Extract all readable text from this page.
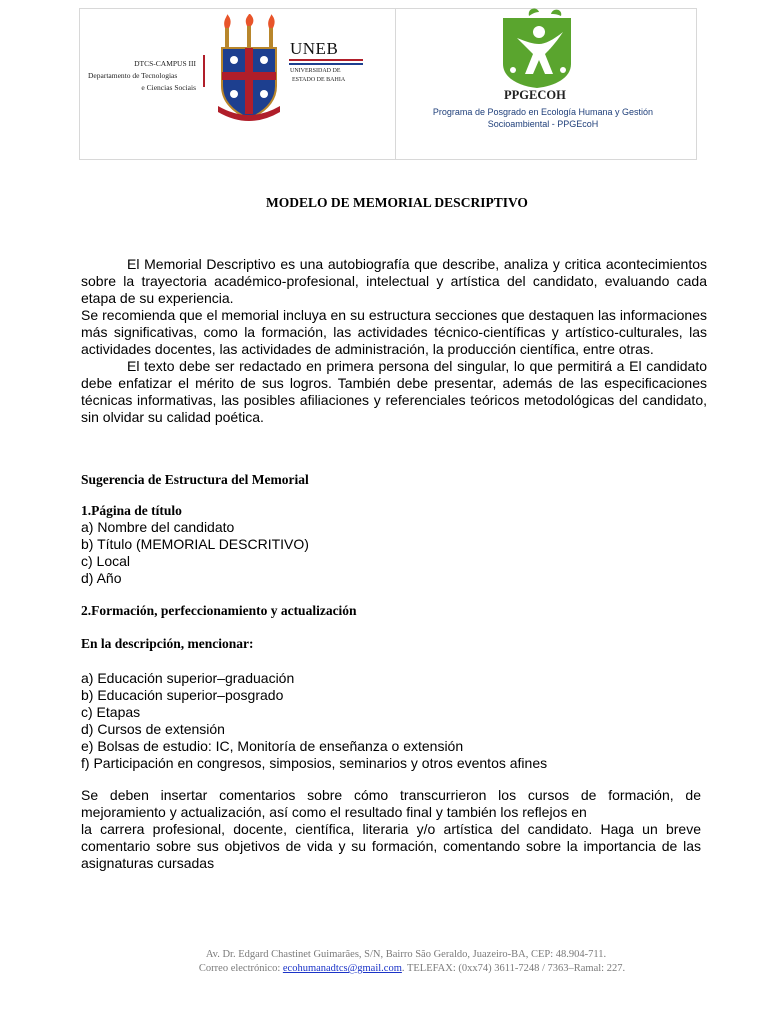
DTCS-CAMPUS III
Departamento de Tecnologias
e Ciencias Sociais
UNEB
UNIVERSIDAD DE
ESTADO DE BAHIA
PPGECOH
Programa de Posgrado en Ecología Humana y Gestión
Socioambiental - PPGEcoH
MODELO DE MEMORIAL DESCRIPTIVO

El Memorial Descriptivo es una autobiografía que describe, analiza y critica acontecimientos sobre la trayectoria académico-profesional, intelectual y artística del candidato, evaluando cada etapa de su experiencia.

Se recomienda que el memorial incluya en su estructura secciones que destaquen las informaciones más significativas, como la formación, las actividades técnico-científicas y artístico-culturales, las actividades docentes, las actividades de administración, la producción científica, entre otras.

El texto debe ser redactado en primera persona del singular, lo que permitirá a El candidato debe enfatizar el mérito de sus logros. También debe presentar, además de las especificaciones técnicas informativas, las posibles afiliaciones y referenciales teóricos metodológicas del candidato, sin olvidar su calidad poética.

Sugerencia de Estructura del Memorial
1.Página de título
a) Nombre del candidato
b) Título (MEMORIAL DESCRITIVO)
c) Local
d) Año
2.Formación, perfeccionamiento y actualización
En la descripción, mencionar:
a) Educación superior–graduación
b) Educación superior–posgrado
c) Etapas
d) Cursos de extensión
e) Bolsas de estudio: IC, Monitoría de enseñanza o extensión
f) Participación en congresos, simposios, seminarios y otros eventos afines

Se deben insertar comentarios sobre cómo transcurrieron los cursos de formación, de

mejoramiento y actualización, así como el resultado final y también los reflejos en

la carrera profesional, docente, científica, literaria y/o artística del candidato. Haga un breve comentario sobre sus objetivos de vida y su formación, comentando sobre la importancia de las asignaturas cursadas

Av. Dr. Edgard Chastinet Guimarães, S/N, Bairro São Geraldo, Juazeiro-BA, CEP: 48.904-711.
Correo electrónico: ecohumanadtcs@gmail.com. TELEFAX: (0xx74) 3611-7248 / 7363–Ramal: 227.
